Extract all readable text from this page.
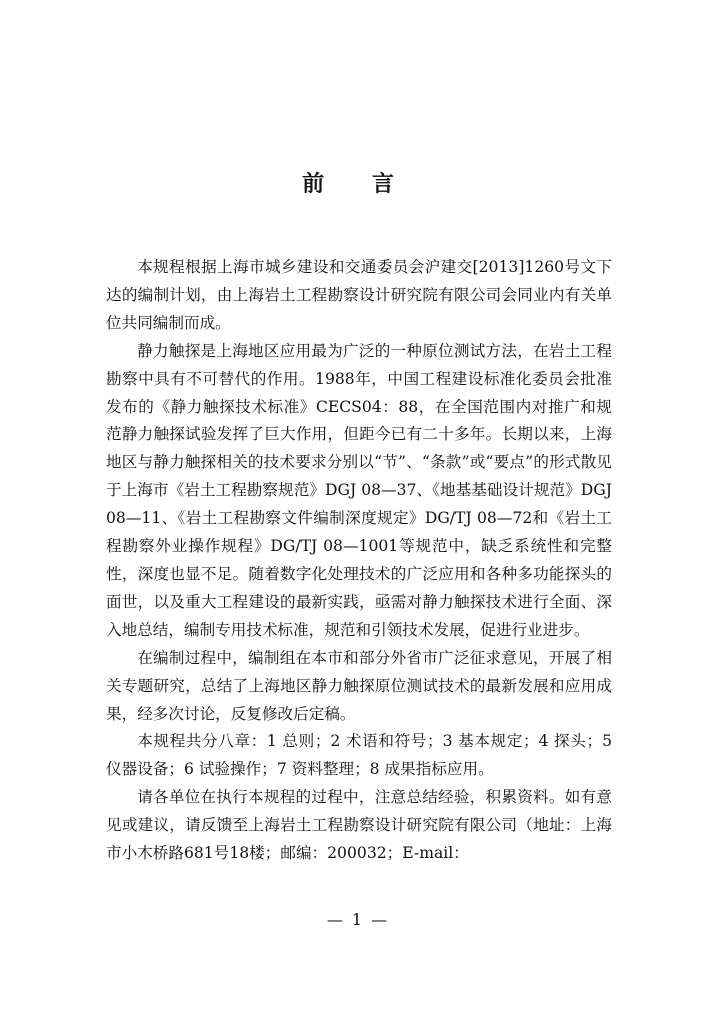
前 言

本规程根据上海市城乡建设和交通委员会沪建交[2013]1260号文下达的编制计划，由上海岩土工程勘察设计研究院有限公司会同业内有关单位共同编制而成。

静力触探是上海地区应用最为广泛的一种原位测试方法，在岩土工程勘察中具有不可替代的作用。1988年，中国工程建设标准化委员会批准发布的《静力触探技术标准》CECS04：88，在全国范围内对推广和规范静力触探试验发挥了巨大作用，但距今已有二十多年。长期以来，上海地区与静力触探相关的技术要求分别以“节”、“条款”或“要点”的形式散见于上海市《岩土工程勘察规范》DGJ 08—37、《地基基础设计规范》DGJ 08—11、《岩土工程勘察文件编制深度规定》DG/TJ 08—72和《岩土工程勘察外业操作规程》DG/TJ 08—1001等规范中，缺乏系统性和完整性，深度也显不足。随着数字化处理技术的广泛应用和各种多功能探头的面世，以及重大工程建设的最新实践，亟需对静力触探技术进行全面、深入地总结，编制专用技术标准，规范和引领技术发展，促进行业进步。

在编制过程中，编制组在本市和部分外省市广泛征求意见，开展了相关专题研究，总结了上海地区静力触探原位测试技术的最新发展和应用成果，经多次讨论，反复修改后定稿。

本规程共分八章：1 总则；2 术语和符号；3 基本规定；4 探头；5 仪器设备；6 试验操作；7 资料整理；8 成果指标应用。

请各单位在执行本规程的过程中，注意总结经验，积累资料。如有意见或建议，请反馈至上海岩土工程勘察设计研究院有限公司（地址：上海市小木桥路681号18楼；邮编：200032；E-mail：

— 1 —
